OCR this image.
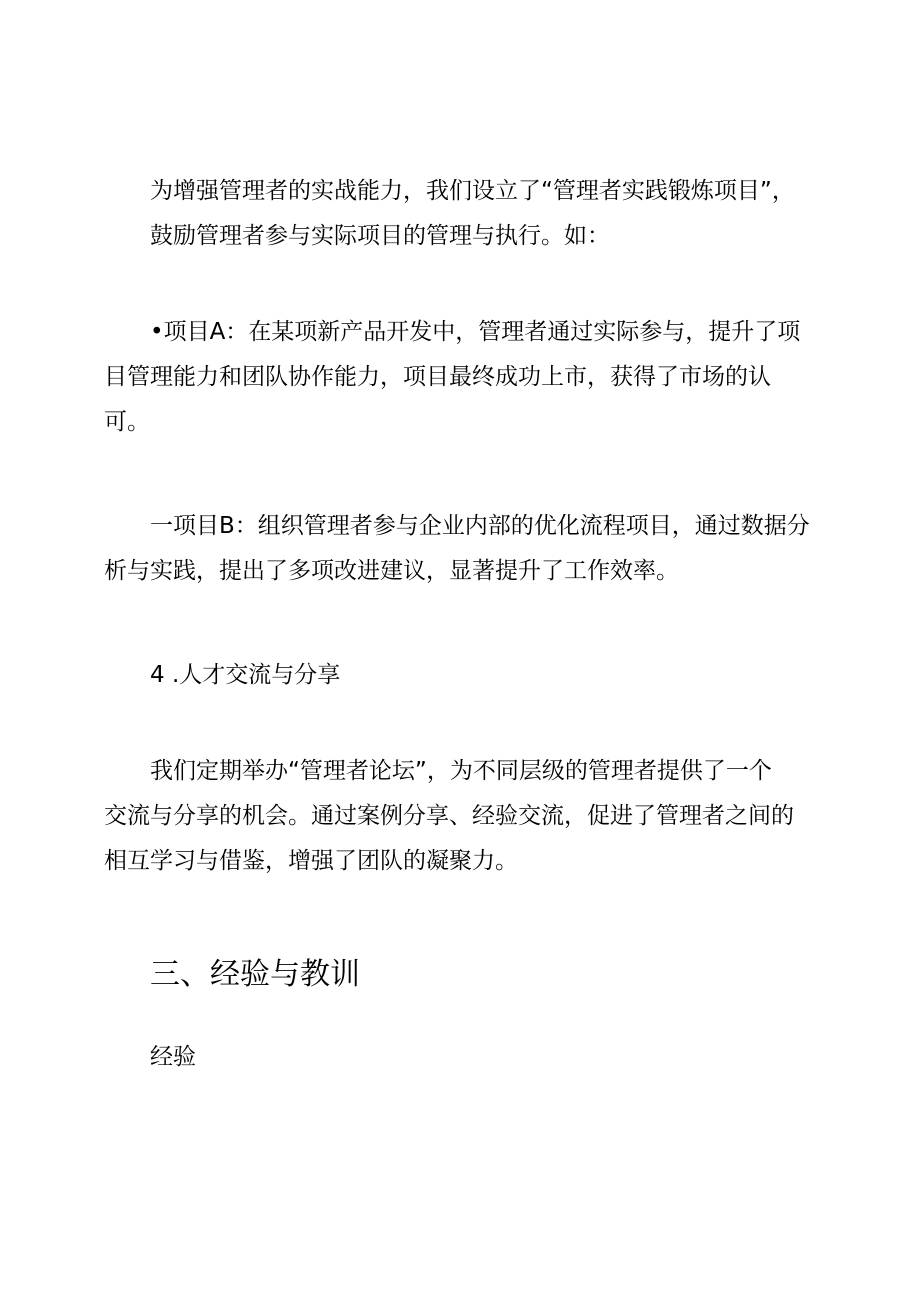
为增强管理者的实战能力，我们设立了“管理者实践锻炼项目”，
鼓励管理者参与实际项目的管理与执行。如：
•项目A：在某项新产品开发中，管理者通过实际参与，提升了项
目管理能力和团队协作能力，项目最终成功上市，获得了市场的认
可。
一项目B：组织管理者参与企业内部的优化流程项目，通过数据分
析与实践，提出了多项改进建议，显著提升了工作效率。
4 .人才交流与分享
我们定期举办“管理者论坛”，为不同层级的管理者提供了一个
交流与分享的机会。通过案例分享、经验交流，促进了管理者之间的
相互学习与借鉴，增强了团队的凝聚力。
三、经验与教训
经验
